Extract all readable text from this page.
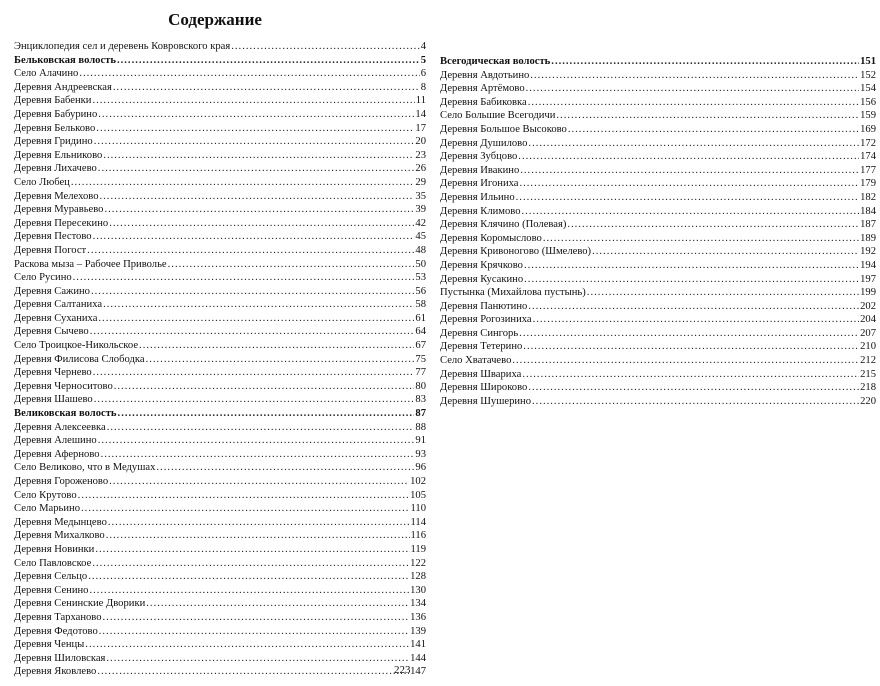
Содержание
Энциклопедия сел и деревень Ковровского края .....	4
Бельковская волость .....	5
Село Алачино .....	6
Деревня Андреевская .....	8
Деревня Бабенки .....	11
Деревня Бабурино .....	14
Деревня Бельково .....	17
Деревня Гридино .....	20
Деревня Ельниково .....	23
Деревня Лихачево .....	26
Село Любец .....	29
Деревня Мелехово .....	35
Деревня Муравьево .....	39
Деревня Пересекино .....	42
Деревня Пестово .....	45
Деревня Погост .....	48
Раскова мыза – Рабочее Приволье .....	50
Село Русино .....	53
Деревня Сажино .....	56
Деревня Салтаниха .....	58
Деревня Суханиха .....	61
Деревня Сычево .....	64
Село Троицкое-Никольское .....	67
Деревня Филисова Слободка .....	75
Деревня Чернево .....	77
Деревня Черноситово .....	80
Деревня Шашево .....	83
Великовская волость .....	87
Деревня Алексеевка .....	88
Деревня Алешино .....	91
Деревня Аферново .....	93
Село Великово, что в Медушах .....	96
Деревня Гороженово .....	102
Село Крутово .....	105
Село Марьино .....	110
Деревня Медынцево .....	114
Деревня Михалково .....	116
Деревня Новинки .....	119
Село Павловское .....	122
Деревня Сельцо .....	128
Деревня Сенино .....	130
Деревня Сенинские Дворики .....	134
Деревня Тарханово .....	136
Деревня Федотово .....	139
Деревня Ченцы .....	141
Деревня Шиловская .....	144
Деревня Яковлево .....	147
Всегодическая волость .....	151
Деревня Авдотьино .....	152
Деревня Артёмово .....	154
Деревня Бабиковка .....	156
Село Большие Всегодичи .....	159
Деревня Большое Высоково .....	169
Деревня Душилово .....	172
Деревня Зубцово .....	174
Деревня Ивакино .....	177
Деревня Игониха .....	179
Деревня Ильино .....	182
Деревня Климово .....	184
Деревня Клячино (Полевая) .....	187
Деревня Коромыслово .....	189
Деревня Кривоногово (Шмелево) .....	192
Деревня Крячково .....	194
Деревня Кусакино .....	197
Пустынка (Михайлова пустынь) .....	199
Деревня Панютино .....	202
Деревня Рогозиниха .....	204
Деревня Сингорь .....	207
Деревня Тетерино .....	210
Село Хватачево .....	212
Деревня Швариха .....	215
Деревня Широково .....	218
Деревня Шушерино .....	220
223
